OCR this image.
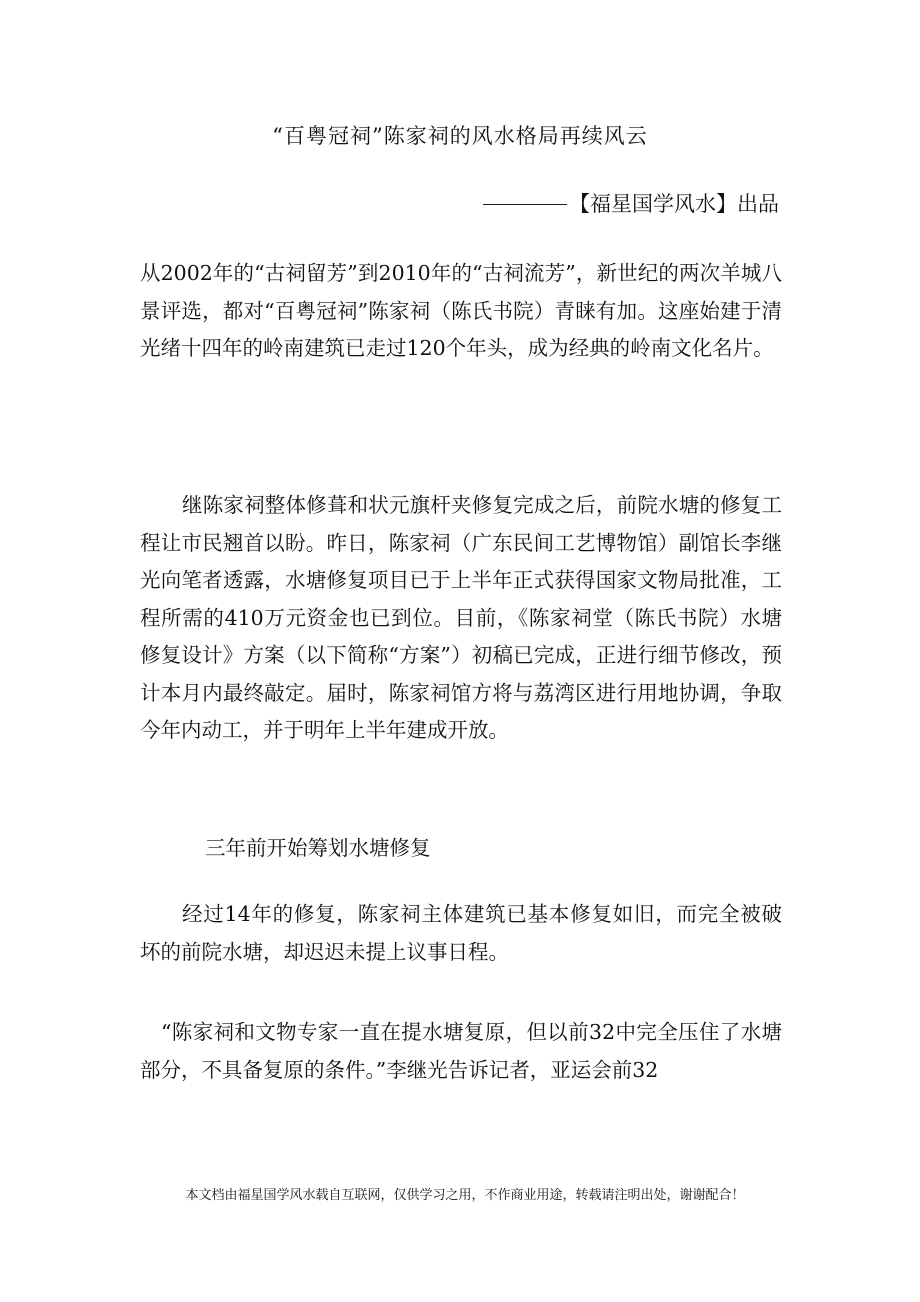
“百粤冠祠”陈家祠的风水格局再续风云
【福星国学风水】出品

从2002年的“古祠留芳”到2010年的“古祠流芳”，新世纪的两次羊城八景评选，都对“百粤冠祠”陈家祠（陈氏书院）青睐有加。这座始建于清光绪十四年的岭南建筑已走过120个年头，成为经典的岭南文化名片。

继陈家祠整体修葺和状元旗杆夹修复完成之后，前院水塘的修复工程让市民翘首以盼。昨日，陈家祠（广东民间工艺博物馆）副馆长李继光向笔者透露，水塘修复项目已于上半年正式获得国家文物局批准，工程所需的410万元资金也已到位。目前，《陈家祠堂（陈氏书院）水塘修复设计》方案（以下简称“方案”）初稿已完成，正进行细节修改，预计本月内最终敲定。届时，陈家祠馆方将与荔湾区进行用地协调，争取今年内动工，并于明年上半年建成开放。

三年前开始筹划水塘修复

经过14年的修复，陈家祠主体建筑已基本修复如旧，而完全被破坏的前院水塘，却迟迟未提上议事日程。

“陈家祠和文物专家一直在提水塘复原，但以前32中完全压住了水塘部分，不具备复原的条件。”李继光告诉记者，亚运会前32

本文档由福星国学风水载自互联网，仅供学习之用，不作商业用途，转载请注明出处，谢谢配合！
